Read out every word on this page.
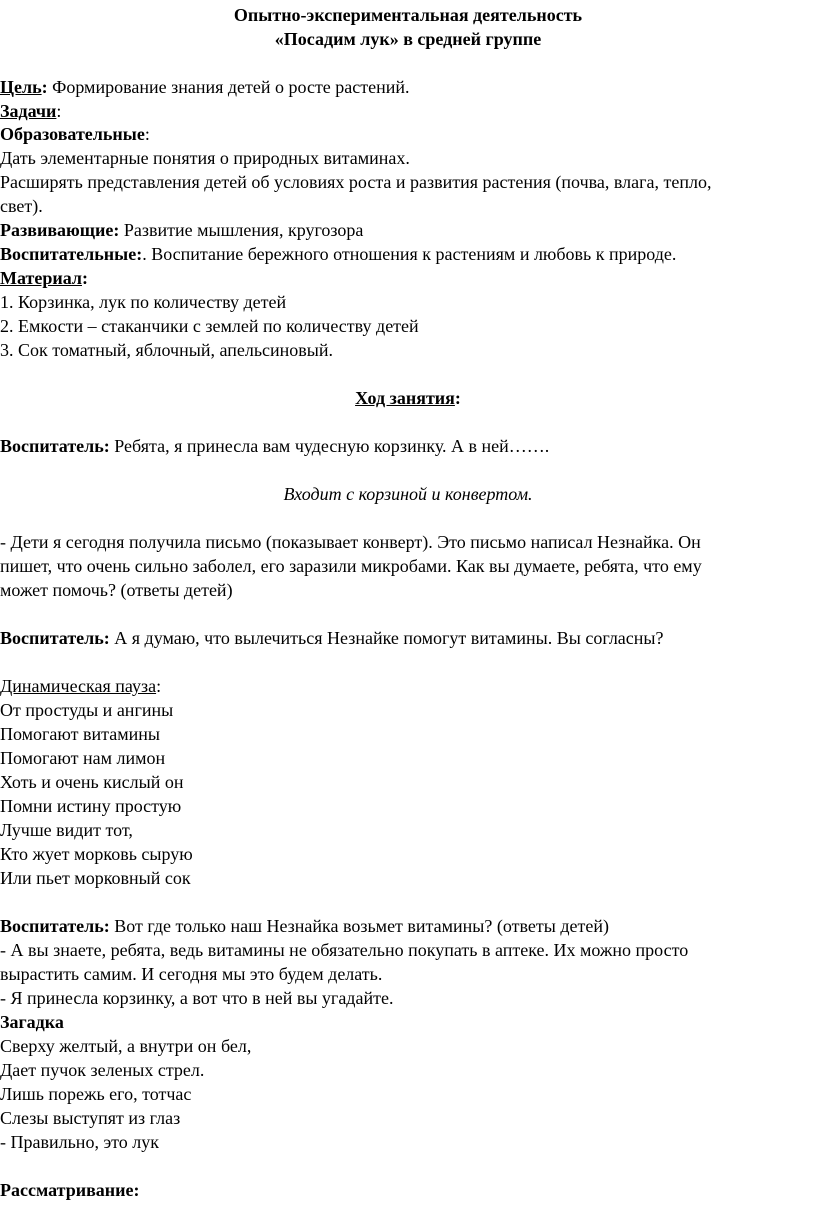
Опытно-экспериментальная деятельность
«Посадим лук» в средней группе
Цель: Формирование знания детей о росте растений.
Задачи:
Образовательные:
Дать элементарные понятия о природных витаминах.
Расширять представления детей об условиях роста и развития растения (почва, влага, тепло,
свет).
Развивающие: Развитие мышления, кругозора
Воспитательные:. Воспитание бережного отношения к растениям и любовь к природе.
Материал:
1. Корзинка, лук по количеству детей
2. Емкости – стаканчики с землей по количеству детей
3. Сок томатный, яблочный, апельсиновый.
Ход занятия:
Воспитатель: Ребята, я принесла вам чудесную корзинку. А в ней…….
Входит с корзиной и конвертом.
- Дети я сегодня получила письмо (показывает конверт). Это письмо написал Незнайка. Он
пишет, что очень сильно заболел, его заразили микробами. Как вы думаете, ребята, что ему
может помочь? (ответы детей)
Воспитатель: А я думаю, что вылечиться Незнайке помогут витамины. Вы согласны?
Динамическая пауза:
От простуды и ангины
Помогают витамины
Помогают нам лимон
Хоть и очень кислый он
Помни истину простую
Лучше видит тот,
Кто жует морковь сырую
Или пьет морковный сок
Воспитатель: Вот где только наш Незнайка возьмет витамины? (ответы детей)
- А вы знаете, ребята, ведь витамины не обязательно покупать в аптеке. Их можно просто
вырастить самим. И сегодня мы это будем делать.
- Я принесла корзинку, а вот что в ней вы угадайте.
Загадка
Сверху желтый, а внутри он бел,
Дает пучок зеленых стрел.
Лишь порежь его, тотчас
Слезы выступят из глаз
- Правильно, это лук
Рассматривание:
